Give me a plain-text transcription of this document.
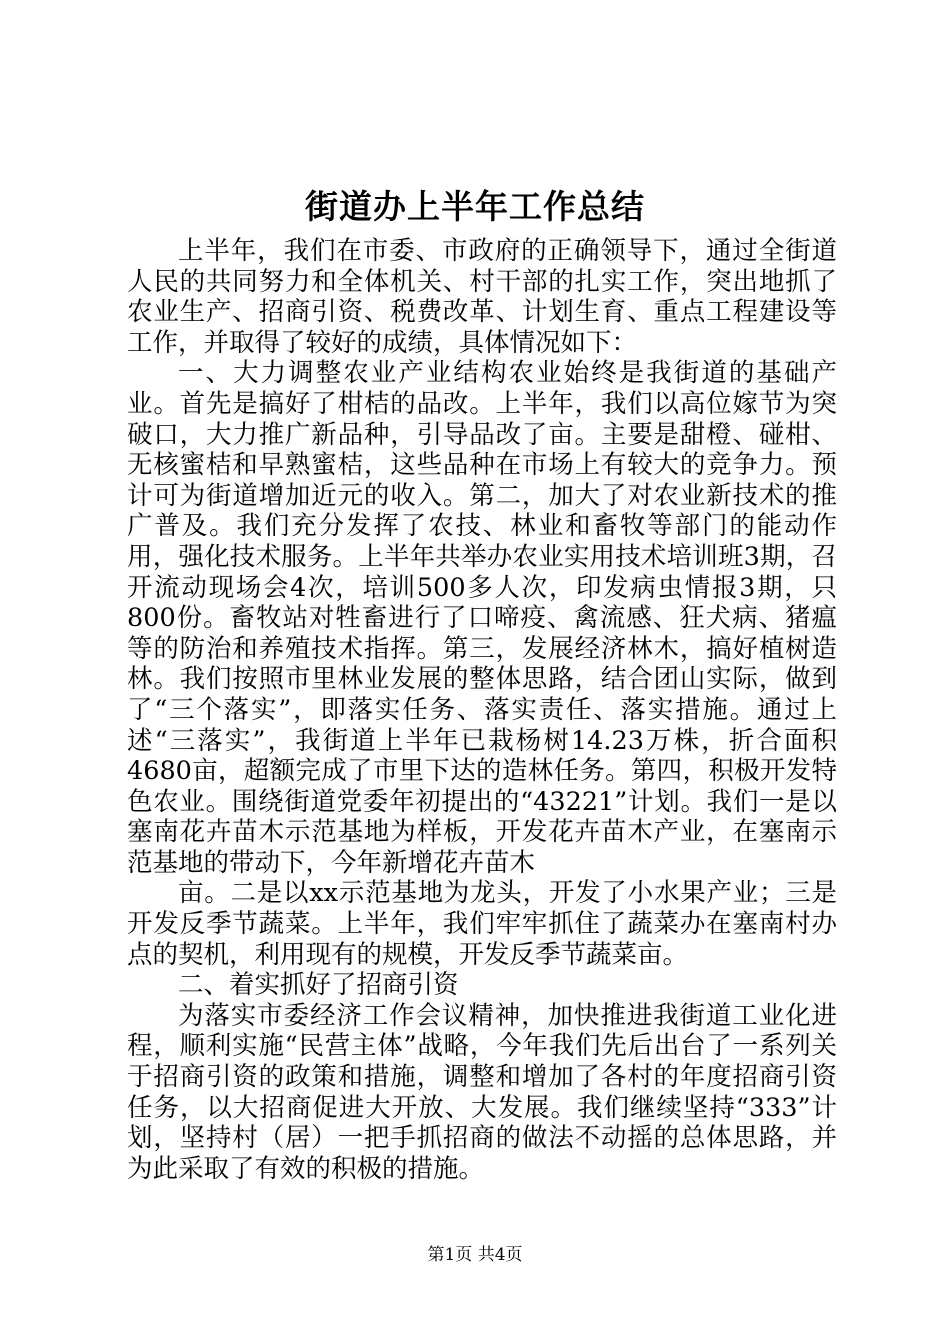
街道办上半年工作总结

上半年，我们在市委、市政府的正确领导下，通过全街道人民的共同努力和全体机关、村干部的扎实工作，突出地抓了农业生产、招商引资、税费改革、计划生育、重点工程建设等工作，并取得了较好的成绩，具体情况如下：

一、大力调整农业产业结构农业始终是我街道的基础产业。首先是搞好了柑桔的品改。上半年，我们以高位嫁节为突破口，大力推广新品种，引导品改了亩。主要是甜橙、碰柑、无核蜜桔和早熟蜜桔，这些品种在市场上有较大的竞争力。预计可为街道增加近元的收入。第二，加大了对农业新技术的推广普及。我们充分发挥了农技、林业和畜牧等部门的能动作用，强化技术服务。上半年共举办农业实用技术培训班3期，召开流动现场会4次，培训500多人次，印发病虫情报3期，只800份。畜牧站对牲畜进行了口啼疫、禽流感、狂犬病、猪瘟等的防治和养殖技术指挥。第三，发展经济林木，搞好植树造林。我们按照市里林业发展的整体思路，结合团山实际，做到了“三个落实”，即落实任务、落实责任、落实措施。通过上述“三落实”，我街道上半年已栽杨树14.23万株，折合面积4680亩，超额完成了市里下达的造林任务。第四，积极开发特色农业。围绕街道党委年初提出的“43221”计划。我们一是以塞南花卉苗木示范基地为样板，开发花卉苗木产业，在塞南示范基地的带动下，今年新增花卉苗木

亩。二是以xx示范基地为龙头，开发了小水果产业；三是开发反季节蔬菜。上半年，我们牢牢抓住了蔬菜办在塞南村办点的契机，利用现有的规模，开发反季节蔬菜亩。

二、着实抓好了招商引资

为落实市委经济工作会议精神，加快推进我街道工业化进程，顺利实施“民营主体”战略，今年我们先后出台了一系列关于招商引资的政策和措施，调整和增加了各村的年度招商引资任务，以大招商促进大开放、大发展。我们继续坚持“333”计划，坚持村（居）一把手抓招商的做法不动摇的总体思路，并为此采取了有效的积极的措施。

第1页 共4页
